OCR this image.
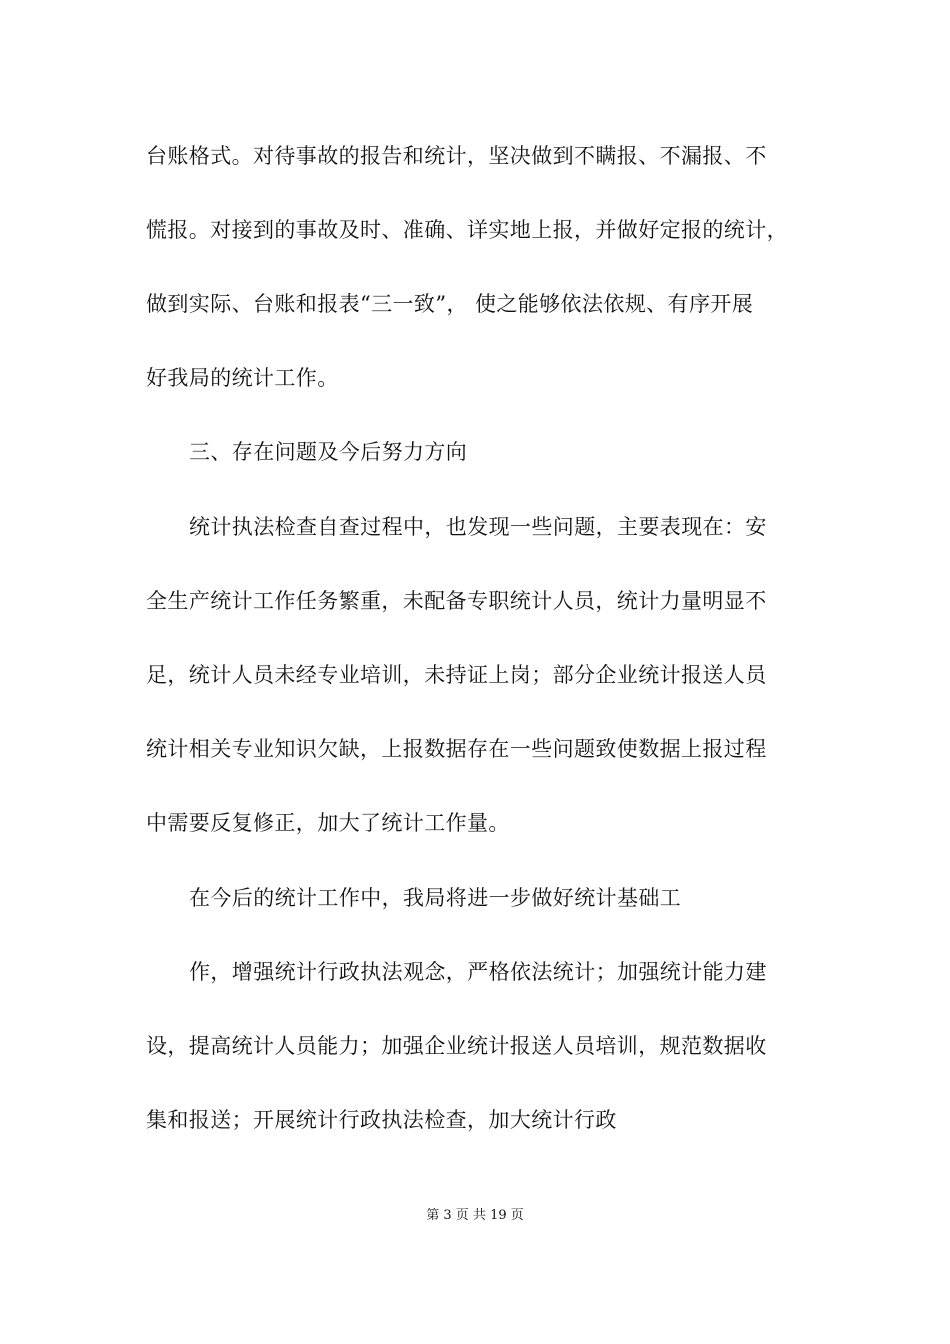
台账格式。对待事故的报告和统计，坚决做到不瞒报、不漏报、不
慌报。对接到的事故及时、准确、详实地上报，并做好定报的统计，
做到实际、台账和报表“三一致”， 使之能够依法依规、有序开展
好我局的统计工作。
三、存在问题及今后努力方向
统计执法检查自查过程中，也发现一些问题，主要表现在：安
全生产统计工作任务繁重，未配备专职统计人员，统计力量明显不
足，统计人员未经专业培训，未持证上岗；部分企业统计报送人员
统计相关专业知识欠缺，上报数据存在一些问题致使数据上报过程
中需要反复修正，加大了统计工作量。
在今后的统计工作中，我局将进一步做好统计基础工
作，增强统计行政执法观念，严格依法统计；加强统计能力建
设，提高统计人员能力；加强企业统计报送人员培训，规范数据收
集和报送；开展统计行政执法检查，加大统计行政
第 3 页 共 19 页
